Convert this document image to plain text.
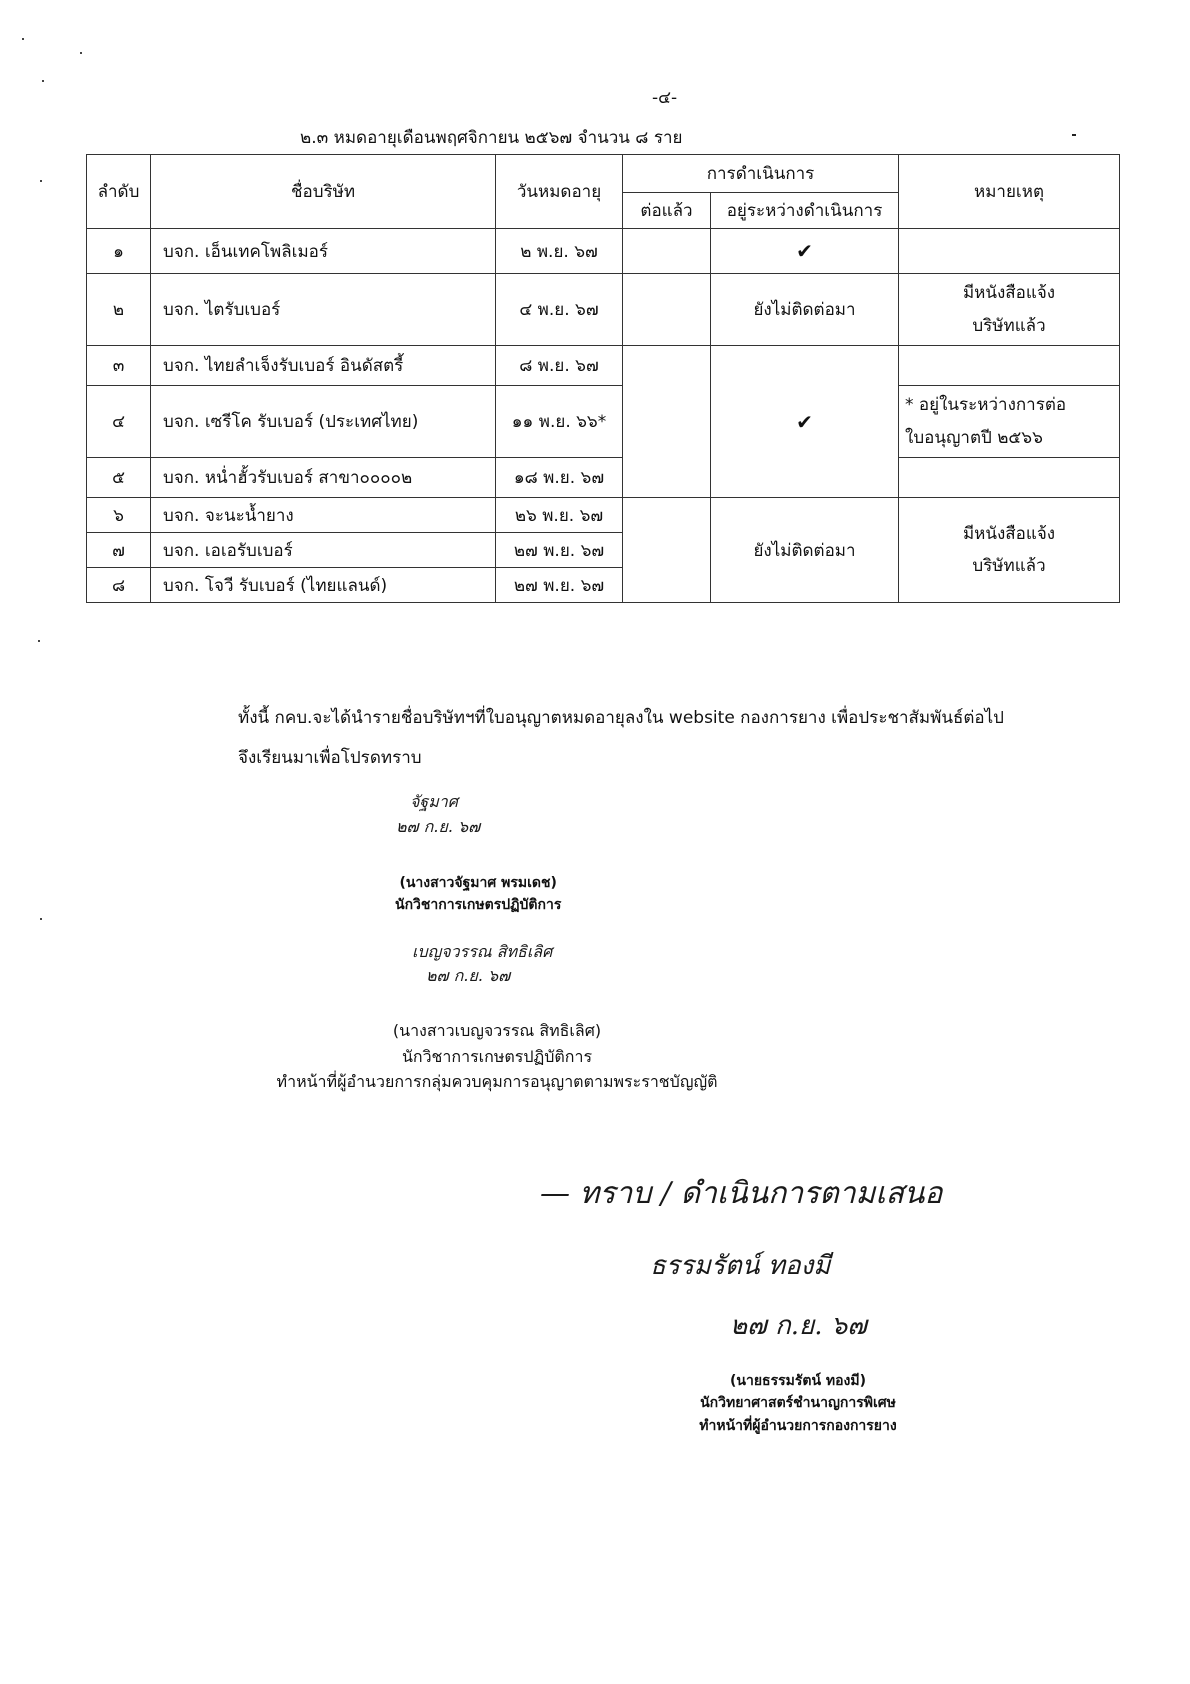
-๔-
๒.๓ หมดอายุเดือนพฤศจิกายน ๒๕๖๗ จำนวน ๘ ราย
ลำดับ	ชื่อบริษัท	วันหมดอายุ	การดำเนินการ		หมายเหตุ
			ต่อแล้ว	อยู่ระหว่างดำเนินการ	
๑	บจก. เอ็นเทคโพลิเมอร์	๒ พ.ย. ๖๗		✔	
๒	บจก. ไตรับเบอร์	๔ พ.ย. ๖๗		ยังไม่ติดต่อมา	มีหนังสือแจ้ง
บริษัทแล้ว

๓	บจก. ไทยลำเจ็งรับเบอร์ อินดัสตรี้	๘ พ.ย. ๖๗		✔	
๔	บจก. เซรีโค รับเบอร์ (ประเทศไทย)	๑๑ พ.ย. ๖๖*			* อยู่ในระหว่างการต่อ
ใบอนุญาตปี ๒๕๖๖

๕	บจก. หน่ำฮั้วรับเบอร์ สาขา๐๐๐๐๒	๑๘ พ.ย. ๖๗			
๖	บจก. จะนะน้ำยาง	๒๖ พ.ย. ๖๗		ยังไม่ติดต่อมา	มีหนังสือแจ้ง
บริษัทแล้ว

๗	บจก. เอเอรับเบอร์	๒๗ พ.ย. ๖๗			
๘	บจก. โจวี รับเบอร์ (ไทยแลนด์)	๒๗ พ.ย. ๖๗			
ทั้งนี้ กคบ.จะได้นำรายชื่อบริษัทฯที่ใบอนุญาตหมดอายุลงใน website กองการยาง เพื่อประชาสัมพันธ์ต่อไป
จึงเรียนมาเพื่อโปรดทราบ
จัฐมาศ
๒๗ ก.ย. ๖๗
(นางสาวจัฐมาศ พรมเดช)
นักวิชาการเกษตรปฏิบัติการ
เบญจวรรณ สิทธิเลิศ
๒๗ ก.ย. ๖๗
(นางสาวเบญจวรรณ สิทธิเลิศ)
นักวิชาการเกษตรปฏิบัติการ
ทำหน้าที่ผู้อำนวยการกลุ่มควบคุมการอนุญาตตามพระราชบัญญัติ
— ทราบ / ดำเนินการตามเสนอ
ธรรมรัตน์ ทองมี
๒๗ ก.ย. ๖๗
(นายธรรมรัตน์ ทองมี)
นักวิทยาศาสตร์ชำนาญการพิเศษ
ทำหน้าที่ผู้อำนวยการกองการยาง
